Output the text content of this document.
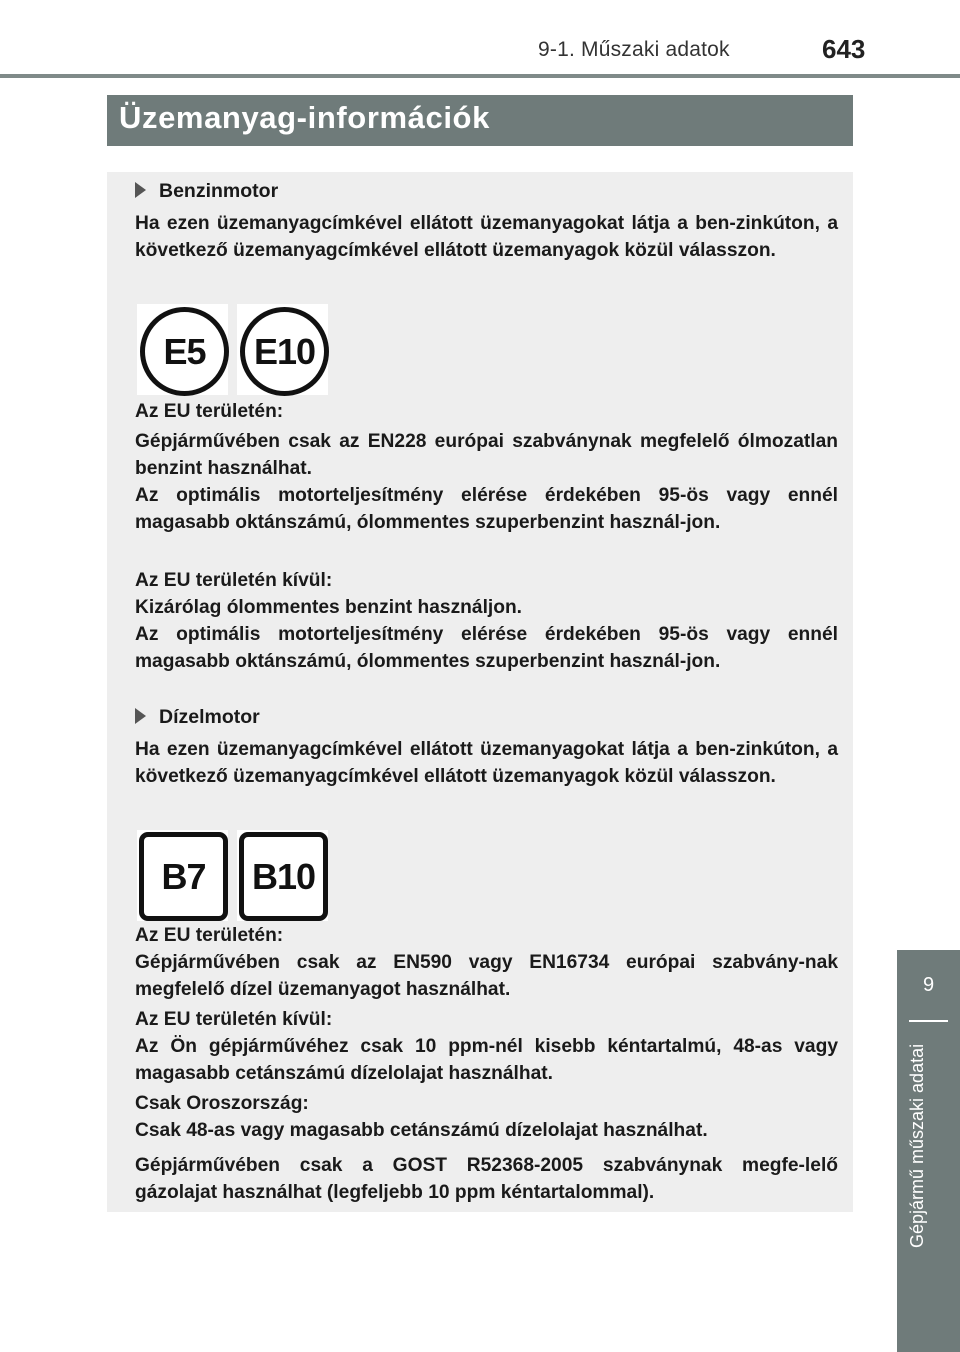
9-1. Műszaki adatok	643
Üzemanyag-információk
Benzinmotor
Ha ezen üzemanyagcímkével ellátott üzemanyagokat látja a ben-zinkúton, a következő üzemanyagcímkével ellátott üzemanyagok közül válasszon.
E5	E10
Az EU területén:
Gépjárművében csak az EN228 európai szabványnak megfelelő ólmozatlan benzint használhat.
Az optimális motorteljesítmény elérése érdekében 95-ös vagy ennél magasabb oktánszámú, ólommentes szuperbenzint használ-jon.
Az EU területén kívül:
Kizárólag ólommentes benzint használjon.
Az optimális motorteljesítmény elérése érdekében 95-ös vagy ennél magasabb oktánszámú, ólommentes szuperbenzint használ-jon.
Dízelmotor
Ha ezen üzemanyagcímkével ellátott üzemanyagokat látja a ben-zinkúton, a következő üzemanyagcímkével ellátott üzemanyagok közül válasszon.
B7	B10
Az EU területén:
Gépjárművében csak az EN590 vagy EN16734 európai szabvány-nak megfelelő dízel üzemanyagot használhat.
Az EU területén kívül:
Az Ön gépjárművéhez csak 10 ppm-nél kisebb kéntartalmú, 48-as vagy magasabb cetánszámú dízelolajat használhat.
Csak Oroszország:
Csak 48-as vagy magasabb cetánszámú dízelolajat használhat.
Gépjárművében csak a GOST R52368-2005 szabványnak megfe-lelő gázolajat használhat (legfeljebb 10 ppm kéntartalommal).
9
Gépjármű műszaki adatai
